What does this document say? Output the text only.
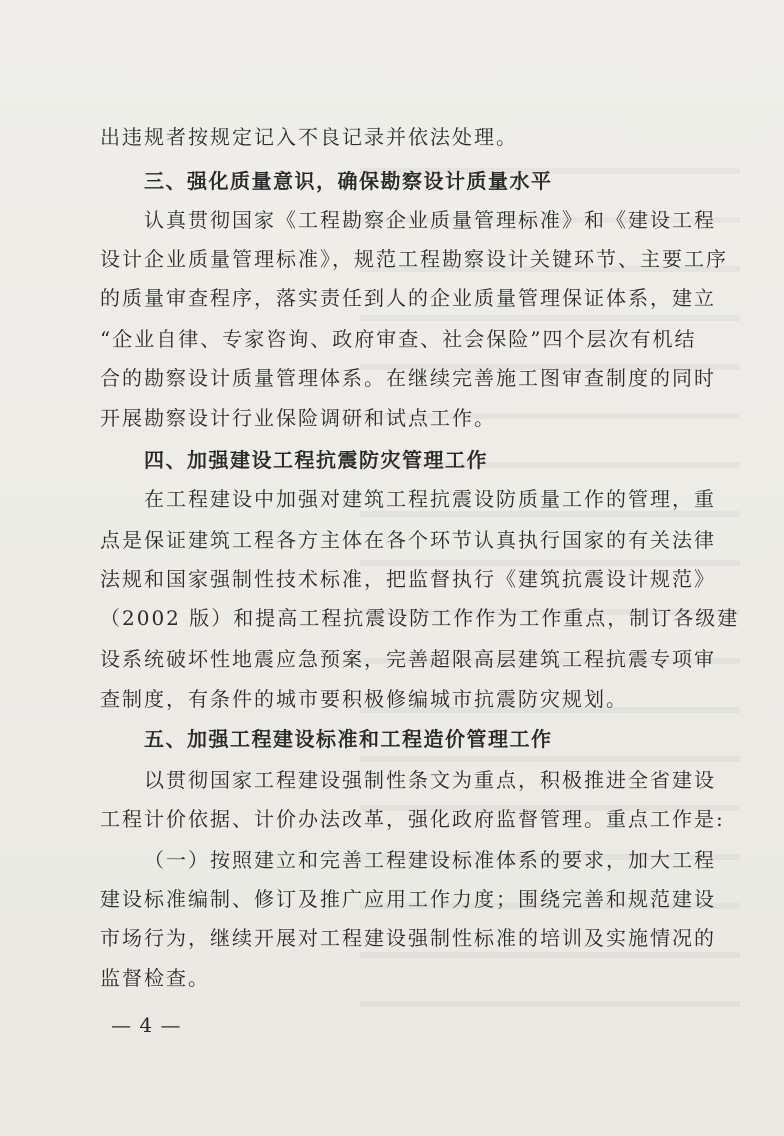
出违规者按规定记入不良记录并依法处理。
三、强化质量意识，确保勘察设计质量水平
认真贯彻国家《工程勘察企业质量管理标准》和《建设工程
设计企业质量管理标准》，规范工程勘察设计关键环节、主要工序
的质量审查程序，落实责任到人的企业质量管理保证体系，建立
“企业自律、专家咨询、政府审查、社会保险”四个层次有机结
合的勘察设计质量管理体系。在继续完善施工图审查制度的同时
开展勘察设计行业保险调研和试点工作。
四、加强建设工程抗震防灾管理工作
在工程建设中加强对建筑工程抗震设防质量工作的管理，重
点是保证建筑工程各方主体在各个环节认真执行国家的有关法律
法规和国家强制性技术标准，把监督执行《建筑抗震设计规范》
（2002 版）和提高工程抗震设防工作作为工作重点，制订各级建
设系统破坏性地震应急预案，完善超限高层建筑工程抗震专项审
查制度，有条件的城市要积极修编城市抗震防灾规划。
五、加强工程建设标准和工程造价管理工作
以贯彻国家工程建设强制性条文为重点，积极推进全省建设
工程计价依据、计价办法改革，强化政府监督管理。重点工作是:
（一）按照建立和完善工程建设标准体系的要求，加大工程
建设标准编制、修订及推广应用工作力度；围绕完善和规范建设
市场行为，继续开展对工程建设强制性标准的培训及实施情况的
监督检查。
— 4 —
